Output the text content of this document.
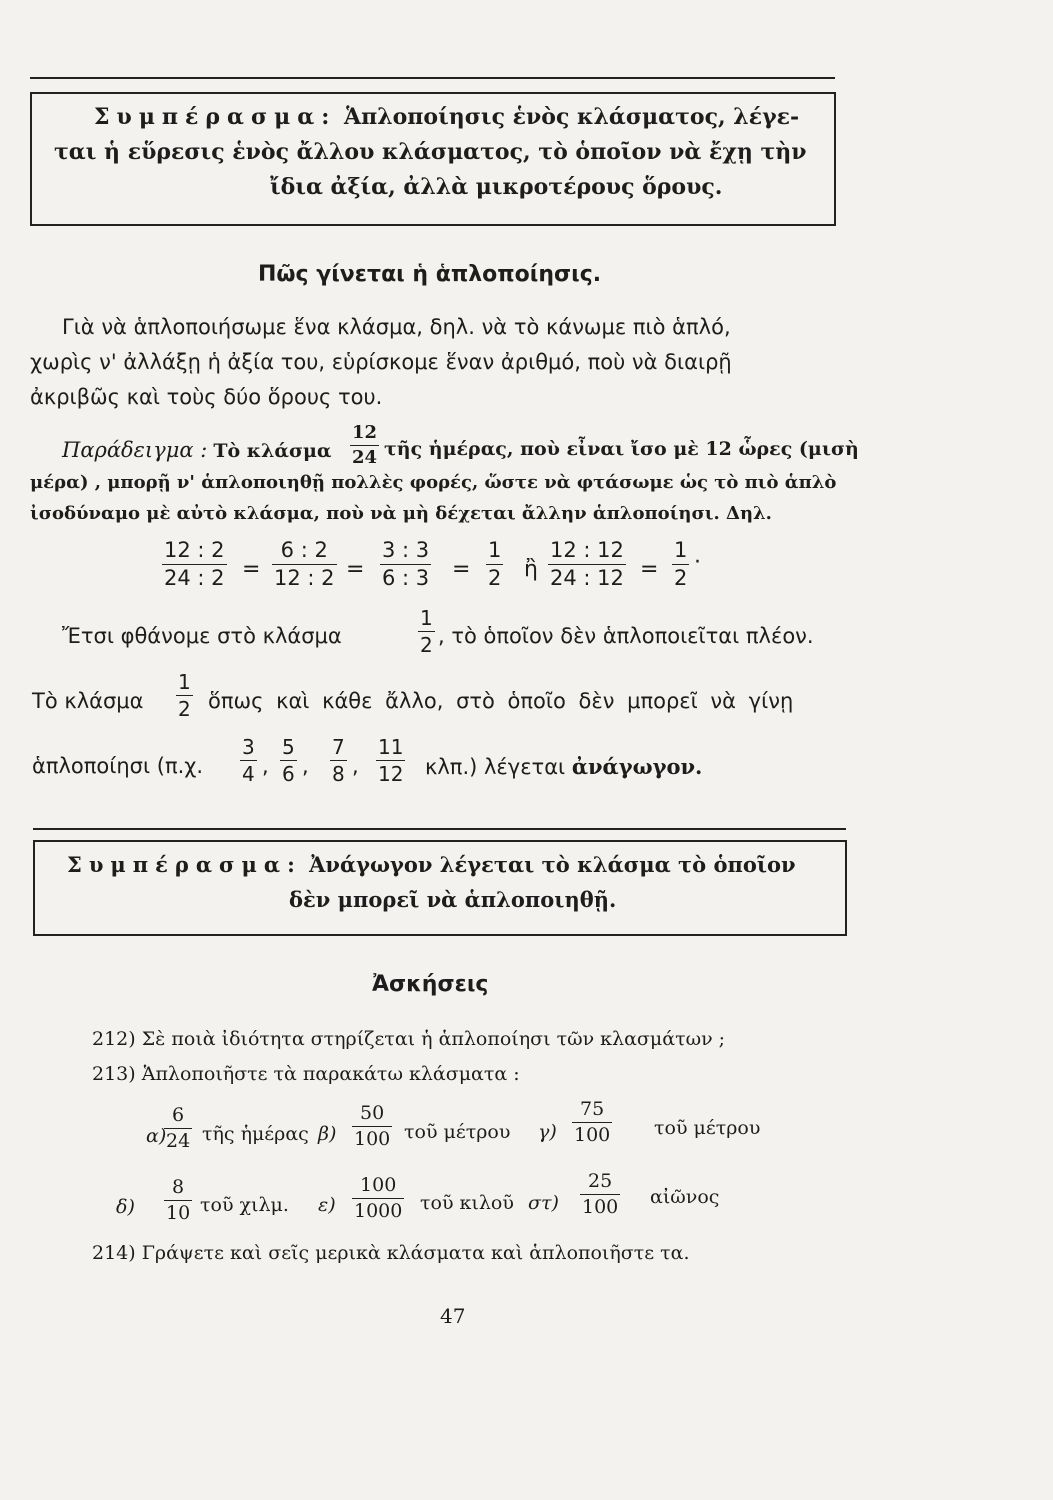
Συμπέρασμα: Ἁπλοποίησις ἑνὸς κλάσματος, λέγε-
ται ἡ εὕρεσις ἑνὸς ἄλλου κλάσματος, τὸ ὁποῖον νὰ ἔχῃ τὴν
ἴδια ἀξία, ἀλλὰ μικροτέρους ὅρους.
Πῶς γίνεται ἡ ἁπλοποίησις.
Γιὰ νὰ ἁπλοποιήσωμε ἕνα κλάσμα, δηλ. νὰ τὸ κάνωμε πιὸ ἁπλό,
χωρὶς ν' ἀλλάξῃ ἡ ἀξία του, εὑρίσκομε ἕναν ἀριθμό, ποὺ νὰ διαιρῇ
ἀκριβῶς καὶ τοὺς δύο ὅρους του.
Παράδειγμα : Τὸ κλάσμα
12
24 τῆς ἡμέρας, ποὺ εἶναι ἴσο μὲ 12 ὧρες (μισὴ
μέρα) , μπορῇ ν' ἁπλοποιηθῇ πολλὲς φορές, ὥστε νὰ φτάσωμε ὡς τὸ πιὸ ἁπλὸ
ἰσοδύναμο μὲ αὐτὸ κλάσμα, ποὺ νὰ μὴ δέχεται ἄλλην ἁπλοποίησι. Δηλ.
12 : 2
24 : 2 =
6 : 2
12 : 2 =
3 : 3
6 : 3 =
1
2 ἢ
12 : 12
24 : 12 =
1
2
·
Ἔτσι φθάνομε στὸ κλάσμα
1
2 , τὸ ὁποῖον δὲν ἁπλοποιεῖται πλέον.
Τὸ κλάσμα
1
2 ὅπως καὶ κάθε ἄλλο, στὸ ὁποῖο δὲν μπορεῖ νὰ γίνῃ
ἁπλοποίησι (π.χ.
3
4 ,
5
6 ,
7
8 ,
11
12 κλπ.) λέγεται ἀνάγωγον.
Συμπέρασμα: Ἀνάγωγον λέγεται τὸ κλάσμα τὸ ὁποῖον
δὲν μπορεῖ νὰ ἁπλοποιηθῇ.
Ἀσκήσεις
212) Σὲ ποιὰ ἰδιότητα στηρίζεται ἡ ἁπλοποίησι τῶν κλασμάτων ;
213) Ἁπλοποιῆστε τὰ παρακάτω κλάσματα :
α)
6
24 τῆς ἡμέρας β)
50
100 τοῦ μέτρου γ)
75
100 τοῦ μέτρου
δ)
8
10 τοῦ χιλμ. ε)
100
1000 τοῦ κιλοῦ στ)
25
100 αἰῶνος
214) Γράψετε καὶ σεῖς μερικὰ κλάσματα καὶ ἁπλοποιῆστε τα.
47
